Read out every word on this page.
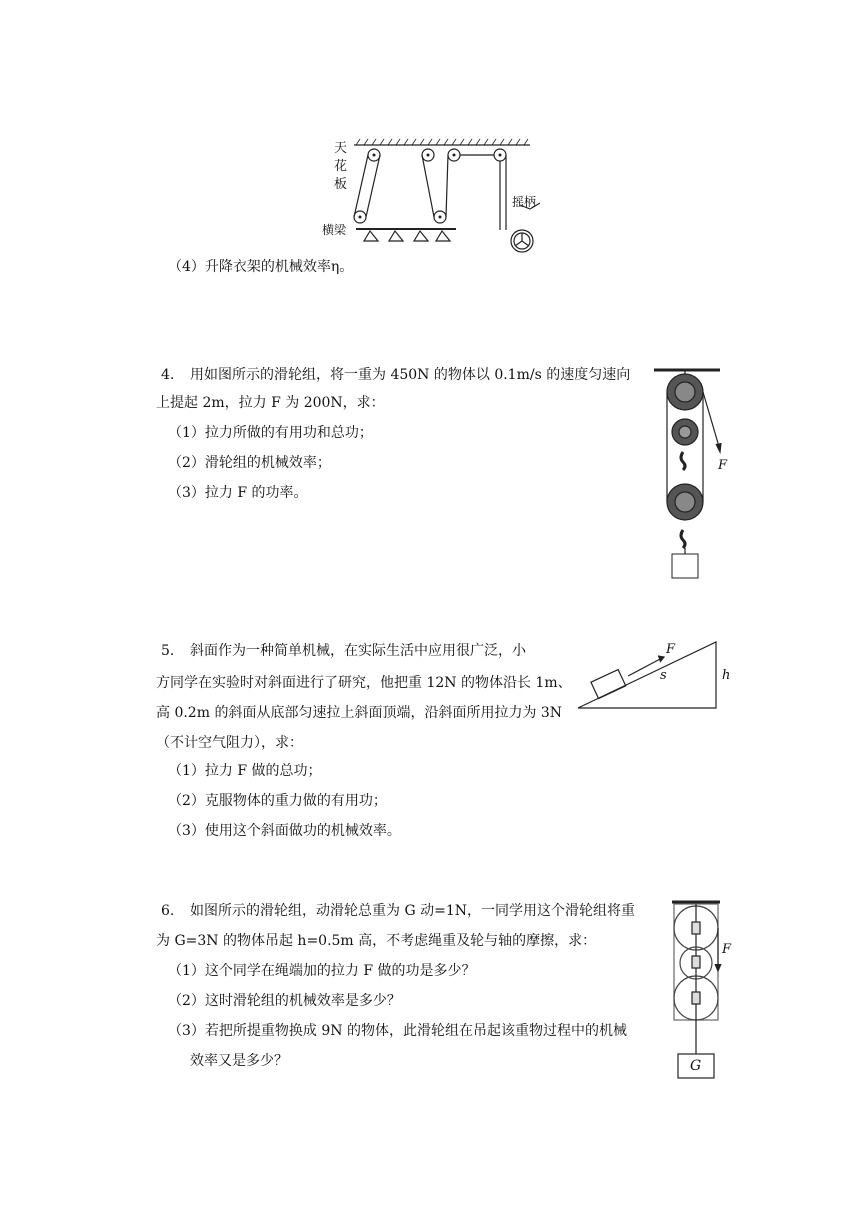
天
花
板
横梁
摇柄
（4）升降衣架的机械效率η。
4. 用如图所示的滑轮组，将一重为 450N 的物体以 0.1m/s 的速度匀速向
上提起 2m，拉力 F 为 200N，求：
（1）拉力所做的有用功和总功；
（2）滑轮组的机械效率；
（3）拉力 F 的功率。
F
5. 斜面作为一种简单机械，在实际生活中应用很广泛，小
方同学在实验时对斜面进行了研究，他把重 12N 的物体沿长 1m、
高 0.2m 的斜面从底部匀速拉上斜面顶端，沿斜面所用拉力为 3N
（不计空气阻力），求：
（1）拉力 F 做的总功；
（2）克服物体的重力做的有用功；
（3）使用这个斜面做功的机械效率。
F
s	h
6. 如图所示的滑轮组，动滑轮总重为 G 动=1N，一同学用这个滑轮组将重
为 G=3N 的物体吊起 h=0.5m 高，不考虑绳重及轮与轴的摩擦，求：
（1）这个同学在绳端加的拉力 F 做的功是多少？
（2）这时滑轮组的机械效率是多少？
（3）若把所提重物换成 9N 的物体，此滑轮组在吊起该重物过程中的机械
效率又是多少？
F
G
